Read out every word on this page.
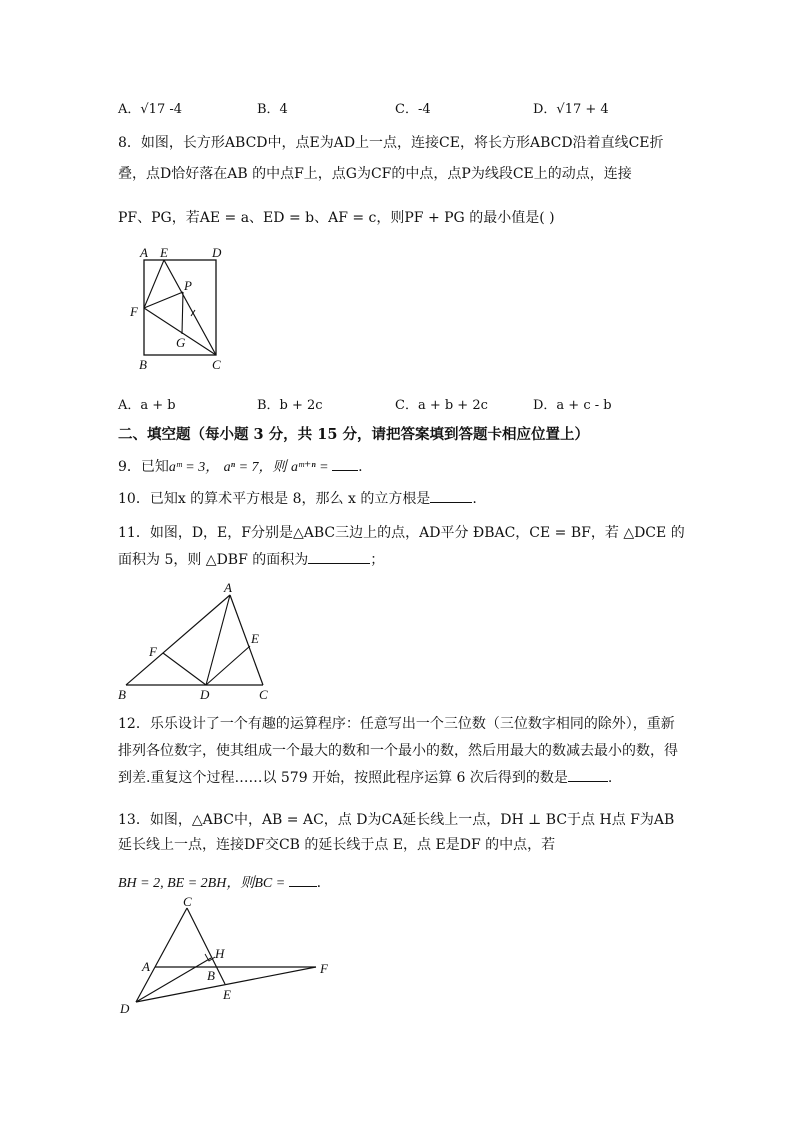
A．√17 -4	B．4	C．-4	D．√17 + 4
8．如图，长方形ABCD中，点E为AD上一点，连接CE，将长方形ABCD沿着直线CE折
叠，点D恰好落在AB 的中点F上，点G为CF的中点，点P为线段CE上的动点，连接
PF、PG，若AE = a、ED = b、AF = c，则PF + PG 的最小值是( )
A E	D
P
F
G
B	C
A．a + b	B．b + 2c	C．a + b + 2c	D．a + c - b
二、填空题（每小题 3 分，共 15 分，请把答案填到答题卡相应位置上）
9．已知aᵐ = 3， aⁿ = 7，则 aᵐ⁺ⁿ = .
10．已知x 的算术平方根是 8，那么 x 的立方根是	.
11．如图，D，E，F分别是△ABC三边上的点，AD平分 ÐBAC，CE = BF，若 △DCE 的
面积为 5，则 △DBF 的面积为	；
A
E
F
B	D	C
12．乐乐设计了一个有趣的运算程序：任意写出一个三位数（三位数字相同的除外），重新
排列各位数字，使其组成一个最大的数和一个最小的数，然后用最大的数减去最小的数，得
到差.重复这个过程……以 579 开始，按照此程序运算 6 次后得到的数是	.
13．如图，△ABC中，AB = AC，点 D为CA延长线上一点，DH ⊥ BC于点 H点 F为AB
延长线上一点，连接DF交CB 的延长线于点 E，点 E是DF 的中点，若
BH = 2, BE = 2BH，则BC = .
C
H
A	F
B
E
D
